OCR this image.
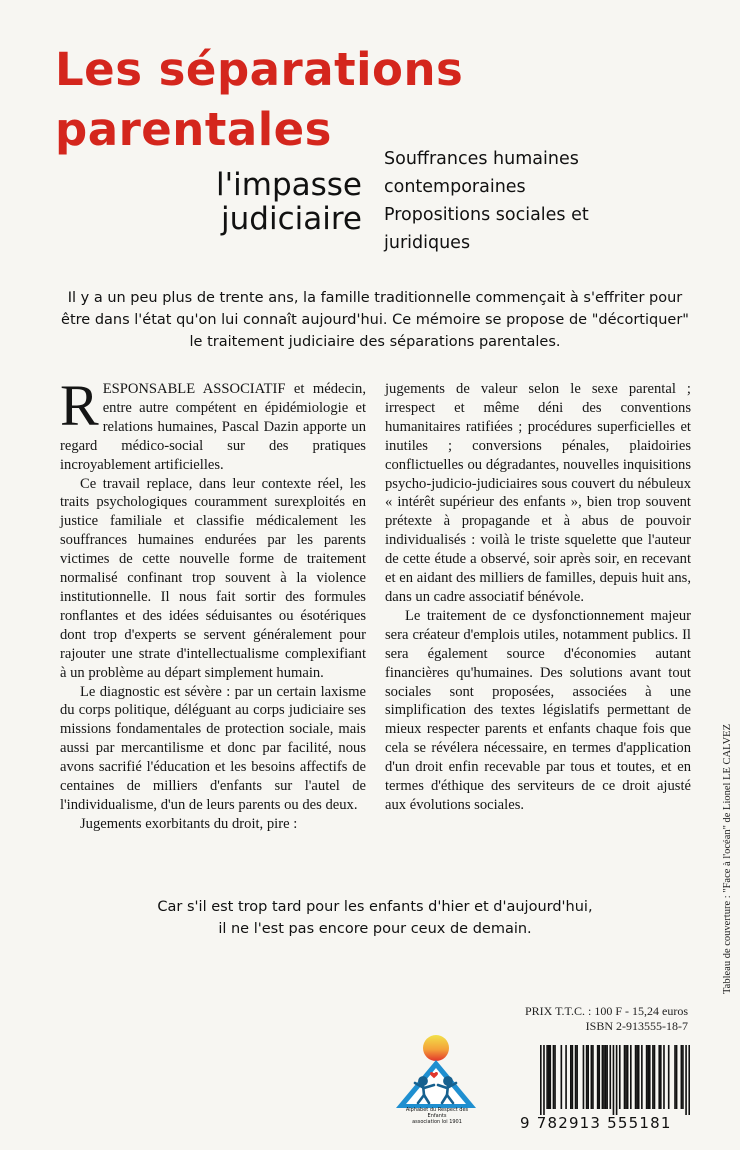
Les séparations
parentales
l'impasse
judiciaire
Souffrances humaines
contemporaines
Propositions sociales et
juridiques

Il y a un peu plus de trente ans, la famille traditionnelle commençait à s'effriter pour être dans l'état qu'on lui connaît aujourd'hui. Ce mémoire se propose de "décortiquer" le traitement judiciaire des séparations parentales.

RESPONSABLE ASSOCIATIF et médecin, entre autre compétent en épidémiologie et relations humaines, Pascal Dazin apporte un regard médico-social sur des pratiques incroyablement artificielles.

Ce travail replace, dans leur contexte réel, les traits psychologiques couramment surexploités en justice familiale et classifie médicalement les souffrances humaines endurées par les parents victimes de cette nouvelle forme de traitement normalisé confinant trop souvent à la violence institutionnelle. Il nous fait sortir des formules ronflantes et des idées séduisantes ou ésotériques dont trop d'experts se servent généralement pour rajouter une strate d'intellectualisme complexifiant à un problème au départ simplement humain.

Le diagnostic est sévère : par un certain laxisme du corps politique, déléguant au corps judiciaire ses missions fondamentales de protection sociale, mais aussi par mercantilisme et donc par facilité, nous avons sacrifié l'éducation et les besoins affectifs de centaines de milliers d'enfants sur l'autel de l'individualisme, d'un de leurs parents ou des deux.

Jugements exorbitants du droit, pire :

jugements de valeur selon le sexe parental ; irrespect et même déni des conventions humanitaires ratifiées ; procédures superficielles et inutiles ; conversions pénales, plaidoiries conflictuelles ou dégradantes, nouvelles inquisitions psycho-judicio-judiciaires sous couvert du nébuleux « intérêt supérieur des enfants », bien trop souvent prétexte à propagande et à abus de pouvoir individualisés : voilà le triste squelette que l'auteur de cette étude a observé, soir après soir, en recevant et en aidant des milliers de familles, depuis huit ans, dans un cadre associatif bénévole.

Le traitement de ce dysfonctionnement majeur sera créateur d'emplois utiles, notamment publics. Il sera également source d'économies autant financières qu'humaines. Des solutions avant tout sociales sont proposées, associées à une simplification des textes législatifs permettant de mieux respecter parents et enfants chaque fois que cela se révélera nécessaire, en termes d'application d'un droit enfin recevable par tous et toutes, et en termes d'éthique des serviteurs de ce droit ajusté aux évolutions sociales.

Car s'il est trop tard pour les enfants d'hier et d'aujourd'hui,
il ne l'est pas encore pour ceux de demain.	Tableau de couverture : "Face à l'océan" de Lionel LE CALVEZ
PRIX T.T.C. : 100 F - 15,24 euros
ISBN 2-913555-18-7
Alphabet du Respect des Enfants
association loi 1901	9 782913 555181
